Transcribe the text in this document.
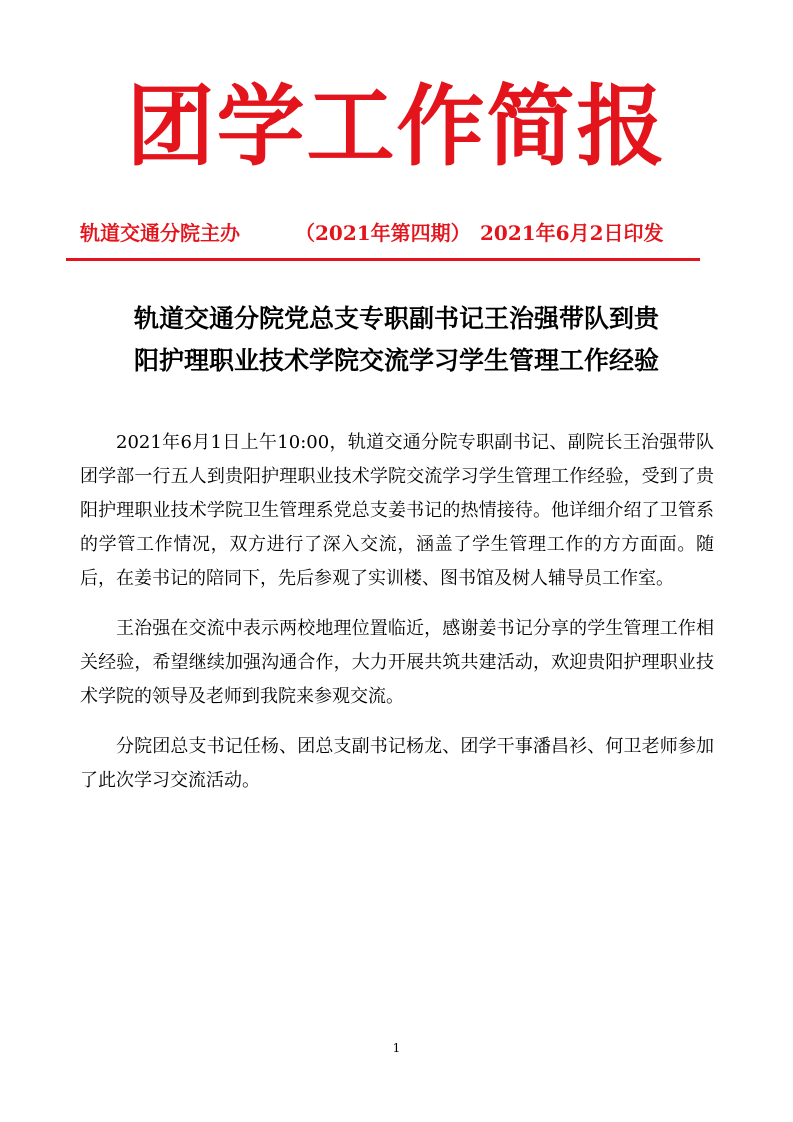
团学工作简报
轨道交通分院主办	（2021年第四期） 2021年6月2日印发
轨道交通分院党总支专职副书记王治强带队到贵
阳护理职业技术学院交流学习学生管理工作经验

2021年6月1日上午10:00，轨道交通分院专职副书记、副院长王治强带队团学部一行五人到贵阳护理职业技术学院交流学习学生管理工作经验，受到了贵阳护理职业技术学院卫生管理系党总支姜书记的热情接待。他详细介绍了卫管系的学管工作情况，双方进行了深入交流，涵盖了学生管理工作的方方面面。随后，在姜书记的陪同下，先后参观了实训楼、图书馆及树人辅导员工作室。

王治强在交流中表示两校地理位置临近，感谢姜书记分享的学生管理工作相关经验，希望继续加强沟通合作，大力开展共筑共建活动，欢迎贵阳护理职业技术学院的领导及老师到我院来参观交流。

分院团总支书记任杨、团总支副书记杨龙、团学干事潘昌衫、何卫老师参加了此次学习交流活动。

1
